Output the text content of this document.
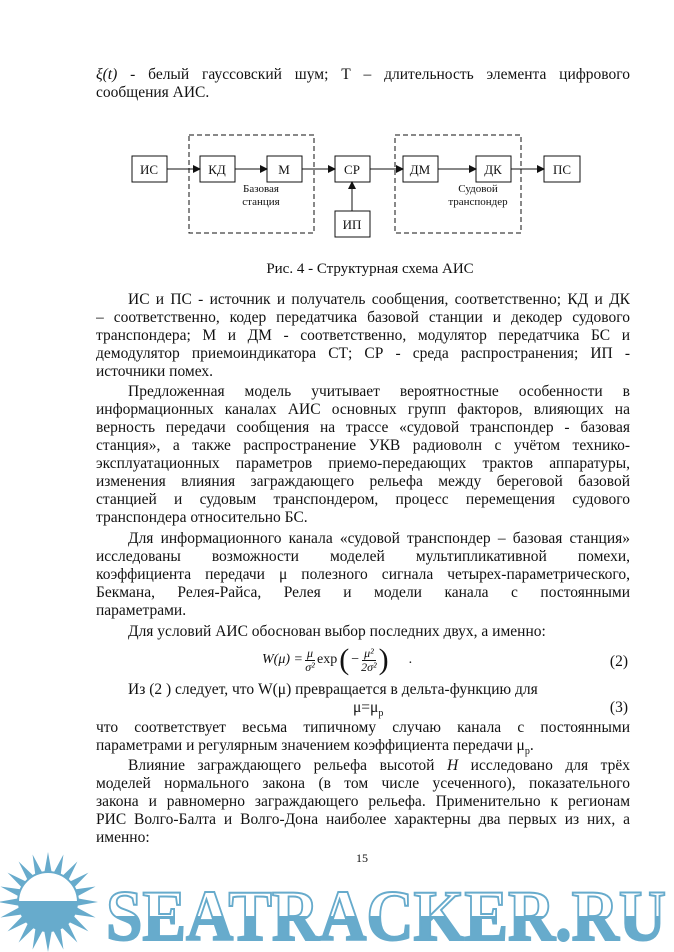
ξ(t) - белый гауссовский шум; Т – длительность элемента цифрового
сообщения АИС.
ИС	КД	М	СР
ИП
ДМ	ДК	ПС
Базовая
станция
Судовой
транспондер
Рис. 4 - Структурная схема АИС
ИС и ПС - источник и получатель сообщения, соответственно; КД и ДК
– соответственно, кодер передатчика базовой станции и декодер судового
транспондера; М и ДМ - соответственно, модулятор передатчика БС и
демодулятор приемоиндикатора СТ; СР - среда распространения; ИП -
источники помех.
Предложенная модель учитывает вероятностные особенности в
информационных каналах АИС основных групп факторов, влияющих на
верность передачи сообщения на трассе «судовой транспондер - базовая
станция», а также распространение УКВ радиоволн с учётом технико-
эксплуатационных параметров приемо-передающих трактов аппаратуры,
изменения влияния заграждающего рельефа между береговой базовой
станцией и судовым транспондером, процесс перемещения судового
транспондера относительно БС.
Для информационного канала «судовой транспондер – базовая станция»
исследованы возможности моделей мультипликативной помехи,
коэффициента передачи μ полезного сигнала четырех-параметрического,
Бекмана, Релея-Райса, Релея и модели канала с постоянными
параметрами.
Для условий АИС обоснован выбор последних двух, а именно:
$W(\mu) = \frac{\mu}{\text{σ²}}$ exp ( − $\frac{\text{μ²}}{\text{2σ²}}$ ) .	(2)
Из (2 ) следует, что W(μ) превращается в дельта-функцию для
$\mu=\mu_р$	(3)
что соответствует весьма типичному случаю канала с постоянными
параметрами и регулярным значением коэффициента передачи $\mu_р$.
Влияние заграждающего рельефа высотой H исследовано для трёх
моделей нормального закона (в том числе усеченного), показательного
закона и равномерно заграждающего рельефа. Применительно к регионам
РИС Волго-Балта и Волго-Дона наиболее характерны два первых из них, а
именно:
SEATRACKER.RU
15
